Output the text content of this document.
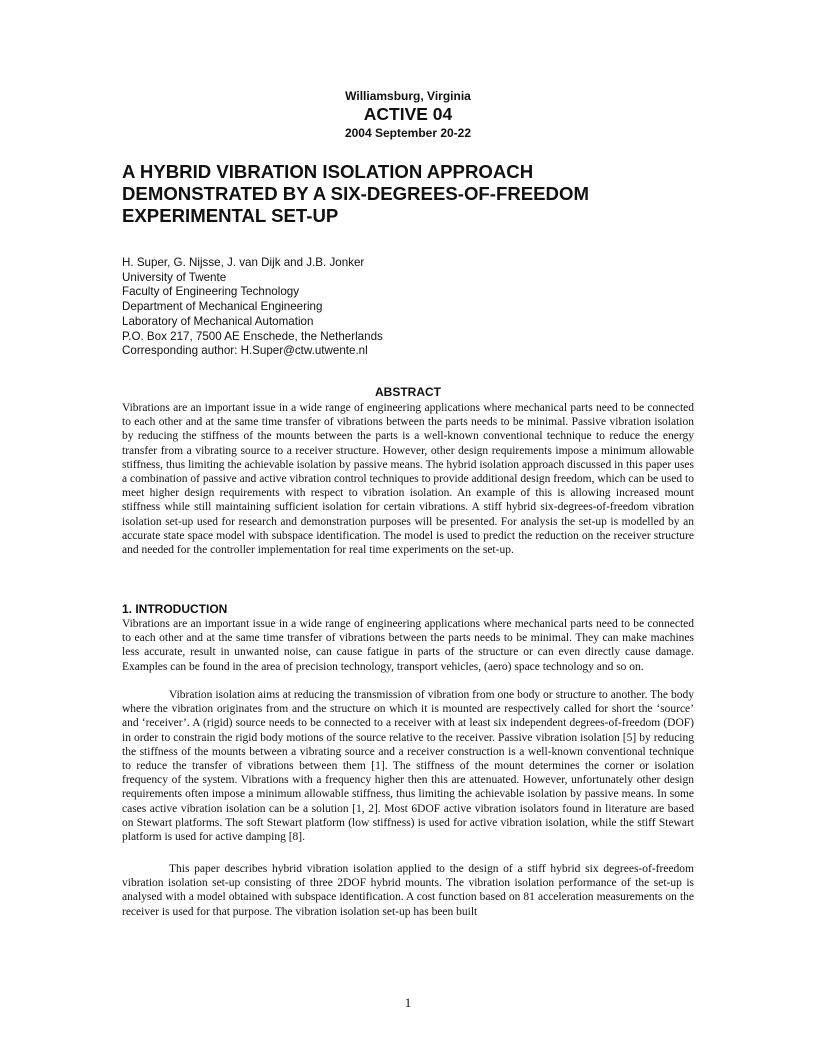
Williamsburg, Virginia
ACTIVE 04
2004 September 20-22
A HYBRID VIBRATION ISOLATION APPROACH
DEMONSTRATED BY A SIX-DEGREES-OF-FREEDOM
EXPERIMENTAL SET-UP
H. Super, G. Nijsse, J. van Dijk and J.B. Jonker
University of Twente
Faculty of Engineering Technology
Department of Mechanical Engineering
Laboratory of Mechanical Automation
P.O. Box 217, 7500 AE Enschede, the Netherlands
Corresponding author: H.Super@ctw.utwente.nl
ABSTRACT

Vibrations are an important issue in a wide range of engineering applications where mechanical parts need to be connected to each other and at the same time transfer of vibrations between the parts needs to be minimal. Passive vibration isolation by reducing the stiffness of the mounts between the parts is a well-known conventional technique to reduce the energy transfer from a vibrating source to a receiver structure. However, other design requirements impose a minimum allowable stiffness, thus limiting the achievable isolation by passive means. The hybrid isolation approach discussed in this paper uses a combination of passive and active vibration control techniques to provide additional design freedom, which can be used to meet higher design requirements with respect to vibration isolation. An example of this is allowing increased mount stiffness while still maintaining sufficient isolation for certain vibrations. A stiff hybrid six-degrees-of-freedom vibration isolation set-up used for research and demonstration purposes will be presented. For analysis the set-up is modelled by an accurate state space model with subspace identification. The model is used to predict the reduction on the receiver structure and needed for the controller implementation for real time experiments on the set-up.

1. INTRODUCTION

Vibrations are an important issue in a wide range of engineering applications where mechanical parts need to be connected to each other and at the same time transfer of vibrations between the parts needs to be minimal. They can make machines less accurate, result in unwanted noise, can cause fatigue in parts of the structure or can even directly cause damage. Examples can be found in the area of precision technology, transport vehicles, (aero) space technology and so on.

Vibration isolation aims at reducing the transmission of vibration from one body or structure to another. The body where the vibration originates from and the structure on which it is mounted are respectively called for short the ‘source’ and ‘receiver’. A (rigid) source needs to be connected to a receiver with at least six independent degrees-of-freedom (DOF) in order to constrain the rigid body motions of the source relative to the receiver. Passive vibration isolation [5] by reducing the stiffness of the mounts between a vibrating source and a receiver construction is a well-known conventional technique to reduce the transfer of vibrations between them [1]. The stiffness of the mount determines the corner or isolation frequency of the system. Vibrations with a frequency higher then this are attenuated. However, unfortunately other design requirements often impose a minimum allowable stiffness, thus limiting the achievable isolation by passive means. In some cases active vibration isolation can be a solution [1, 2]. Most 6DOF active vibration isolators found in literature are based on Stewart platforms. The soft Stewart platform (low stiffness) is used for active vibration isolation, while the stiff Stewart platform is used for active damping [8].

This paper describes hybrid vibration isolation applied to the design of a stiff hybrid six degrees-of-freedom vibration isolation set-up consisting of three 2DOF hybrid mounts. The vibration isolation performance of the set-up is analysed with a model obtained with subspace identification. A cost function based on 81 acceleration measurements on the receiver is used for that purpose. The vibration isolation set-up has been built

1
